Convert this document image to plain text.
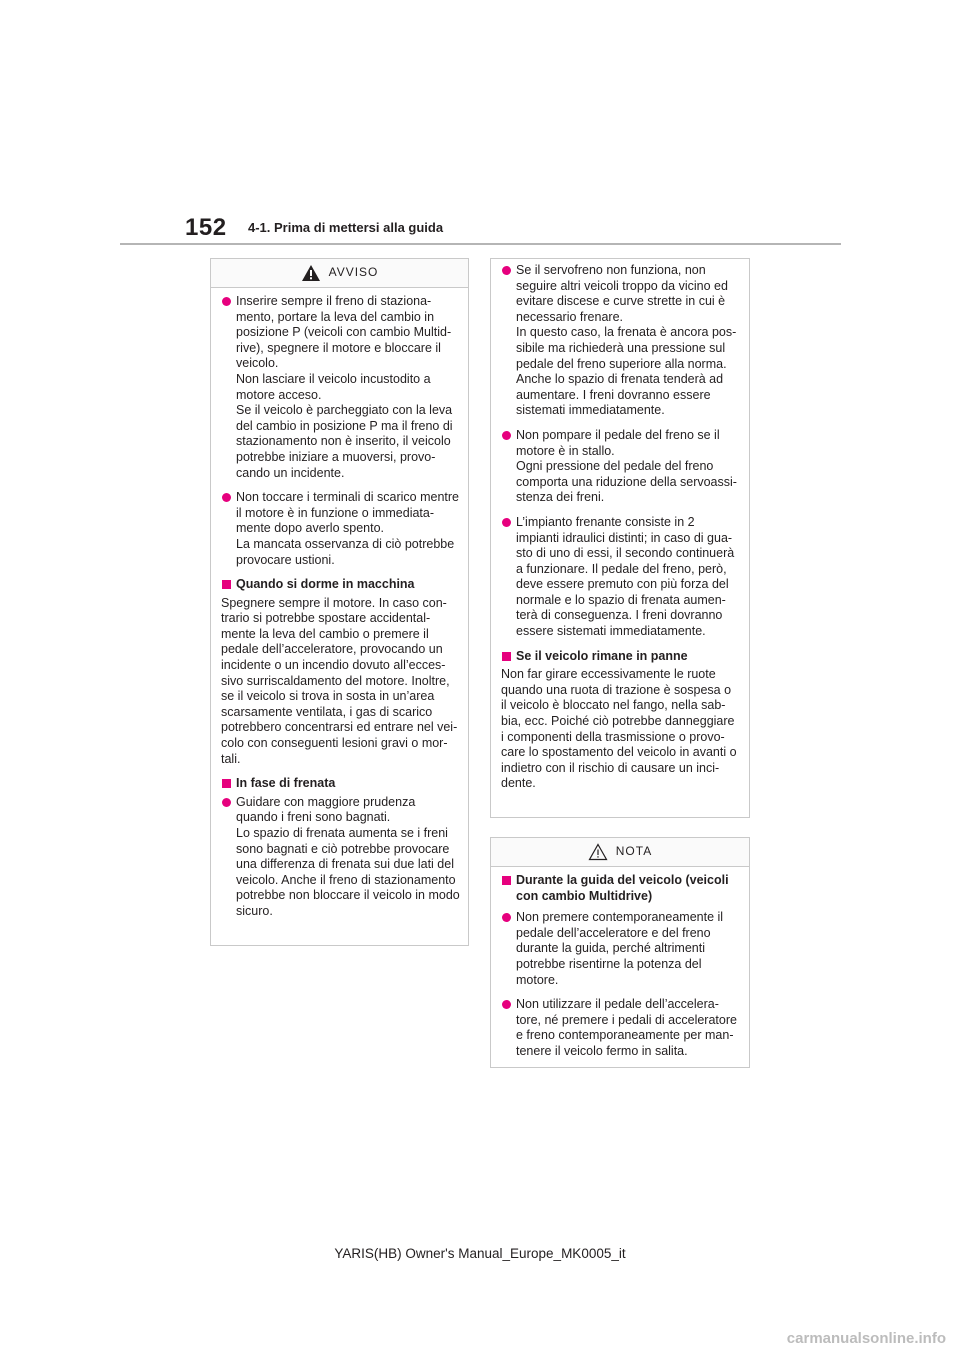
152 4-1. Prima di mettersi alla guida
AVVISO
Inserire sempre il freno di staziona-
mento, portare la leva del cambio in
posizione P (veicoli con cambio Multid-
rive), spegnere il motore e bloccare il
veicolo.
Non lasciare il veicolo incustodito a
motore acceso.
Se il veicolo è parcheggiato con la leva
del cambio in posizione P ma il freno di
stazionamento non è inserito, il veicolo
potrebbe iniziare a muoversi, provo-
cando un incidente.
Non toccare i terminali di scarico mentre
il motore è in funzione o immediata-
mente dopo averlo spento.
La mancata osservanza di ciò potrebbe
provocare ustioni.
Quando si dorme in macchina
Spegnere sempre il motore. In caso con-
trario si potrebbe spostare accidental-
mente la leva del cambio o premere il
pedale dell’acceleratore, provocando un
incidente o un incendio dovuto all’ecces-
sivo surriscaldamento del motore. Inoltre,
se il veicolo si trova in sosta in un’area
scarsamente ventilata, i gas di scarico
potrebbero concentrarsi ed entrare nel vei-
colo con conseguenti lesioni gravi o mor-
tali.
In fase di frenata
Guidare con maggiore prudenza
quando i freni sono bagnati.
Lo spazio di frenata aumenta se i freni
sono bagnati e ciò potrebbe provocare
una differenza di frenata sui due lati del
veicolo. Anche il freno di stazionamento
potrebbe non bloccare il veicolo in modo
sicuro.
Se il servofreno non funziona, non
seguire altri veicoli troppo da vicino ed
evitare discese e curve strette in cui è
necessario frenare.
In questo caso, la frenata è ancora pos-
sibile ma richiederà una pressione sul
pedale del freno superiore alla norma.
Anche lo spazio di frenata tenderà ad
aumentare. I freni dovranno essere
sistemati immediatamente.
Non pompare il pedale del freno se il
motore è in stallo.
Ogni pressione del pedale del freno
comporta una riduzione della servoassi-
stenza dei freni.
L’impianto frenante consiste in 2
impianti idraulici distinti; in caso di gua-
sto di uno di essi, il secondo continuerà
a funzionare. Il pedale del freno, però,
deve essere premuto con più forza del
normale e lo spazio di frenata aumen-
terà di conseguenza. I freni dovranno
essere sistemati immediatamente.
Se il veicolo rimane in panne
Non far girare eccessivamente le ruote
quando una ruota di trazione è sospesa o
il veicolo è bloccato nel fango, nella sab-
bia, ecc. Poiché ciò potrebbe danneggiare
i componenti della trasmissione o provo-
care lo spostamento del veicolo in avanti o
indietro con il rischio di causare un inci-
dente.
NOTA
Durante la guida del veicolo (veicoli
con cambio Multidrive)
Non premere contemporaneamente il
pedale dell’acceleratore e del freno
durante la guida, perché altrimenti
potrebbe risentirne la potenza del
motore.
Non utilizzare il pedale dell’accelera-
tore, né premere i pedali di acceleratore
e freno contemporaneamente per man-
tenere il veicolo fermo in salita.
YARIS(HB) Owner's Manual_Europe_MK0005_it
carmanualsonline.info
